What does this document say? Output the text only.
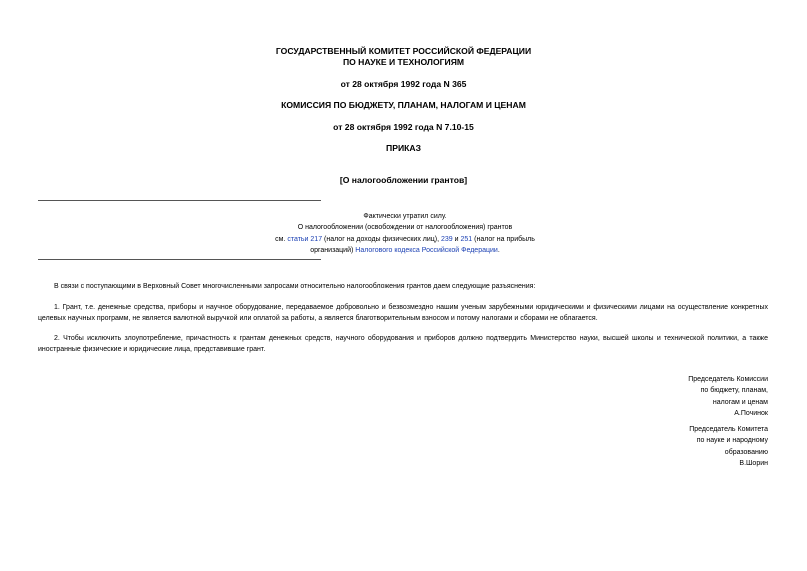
ГОСУДАРСТВЕННЫЙ КОМИТЕТ РОССИЙСКОЙ ФЕДЕРАЦИИ
ПО НАУКЕ И ТЕХНОЛОГИЯМ
от 28 октября 1992 года N 365
КОМИССИЯ ПО БЮДЖЕТУ, ПЛАНАМ, НАЛОГАМ И ЦЕНАМ
от 28 октября 1992 года N 7.10-15
ПРИКАЗ
[О налогообложении грантов]
Фактически утратил силу.
О налогообложении (освобождении от налогообложения) грантов
см. статьи 217 (налог на доходы физических лиц), 239 и 251 (налог на прибыль
организаций) Налогового кодекса Российской Федерации.
В связи с поступающими в Верховный Совет многочисленными запросами относительно налогообложения грантов даем следующие разъяснения:
1. Грант, т.е. денежные средства, приборы и научное оборудование, передаваемое добровольно и безвозмездно нашим ученым зарубежными юридическими и физическими лицами на осуществление конкретных целевых научных программ, не является валютной выручкой или оплатой за работы, а является благотворительным взносом и потому налогами и сборами не облагается.
2. Чтобы исключить злоупотребление, причастность к грантам денежных средств, научного оборудования и приборов должно подтвердить Министерство науки, высшей школы и технической политики, а также иностранные физические и юридические лица, представившие грант.
Председатель Комиссии
по бюджету, планам,
налогам и ценам
А.Починок
Председатель Комитета
по науке и народному
образованию
В.Шорин
